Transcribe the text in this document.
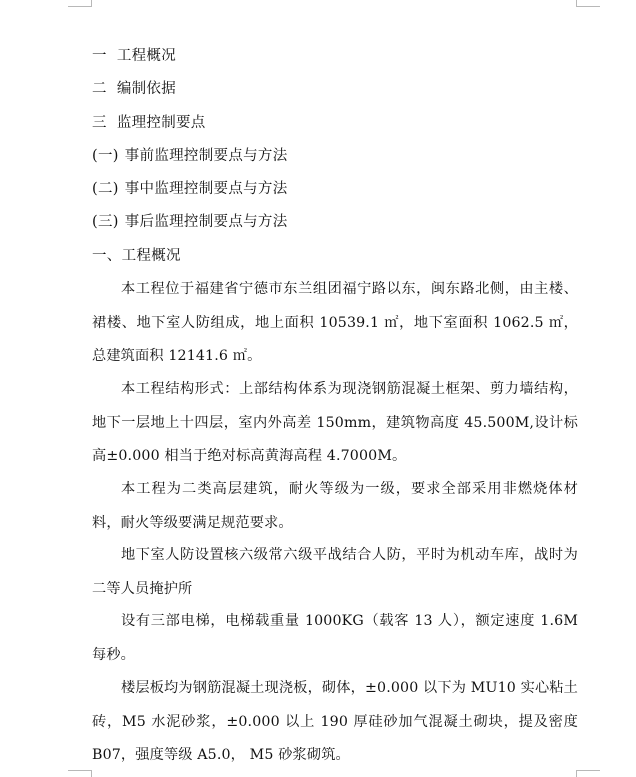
一 工程概况
二 编制依据
三 监理控制要点
(一) 事前监理控制要点与方法
(二) 事中监理控制要点与方法
(三) 事后监理控制要点与方法
一、工程概况

本工程位于福建省宁德市东兰组团福宁路以东，闽东路北侧，由主楼、裙楼、地下室人防组成，地上面积 10539.1 ㎡，地下室面积 1062.5 ㎡，总建筑面积 12141.6 ㎡。

本工程结构形式：上部结构体系为现浇钢筋混凝土框架、剪力墙结构，地下一层地上十四层，室内外高差 150mm，建筑物高度 45.500M,设计标高±0.000 相当于绝对标高黄海高程 4.7000M。

本工程为二类高层建筑，耐火等级为一级，要求全部采用非燃烧体材料，耐火等级要满足规范要求。

地下室人防设置核六级常六级平战结合人防，平时为机动车库，战时为二等人员掩护所

设有三部电梯，电梯载重量 1000KG（载客 13 人），额定速度 1.6M 每秒。

楼层板均为钢筋混凝土现浇板，砌体，±0.000 以下为 MU10 实心粘土砖，M5 水泥砂浆，±0.000 以上 190 厚硅砂加气混凝土砌块，提及密度 B07，强度等级 A5.0， M5 砂浆砌筑。
